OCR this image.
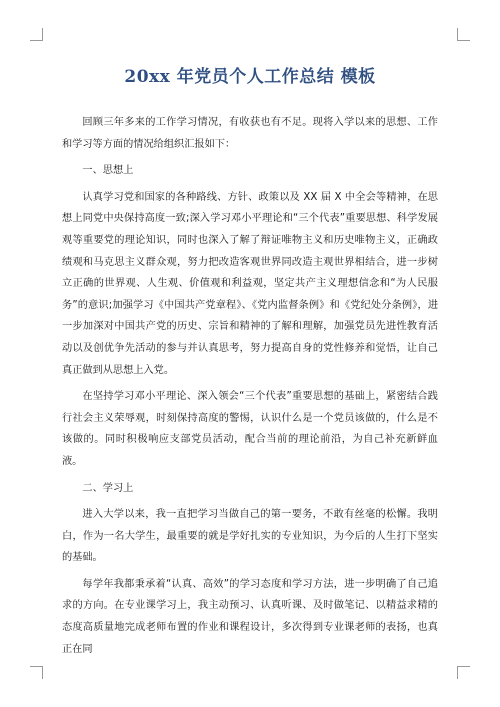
20xx 年党员个人工作总结 模板

回顾三年多来的工作学习情况，有收获也有不足。现将入学以来的思想、工作和学习等方面的情况给组织汇报如下：

一、思想上

认真学习党和国家的各种路线、方针、政策以及 XX 届 X 中全会等精神，在思想上同党中央保持高度一致;深入学习邓小平理论和“三个代表”重要思想、科学发展观等重要党的理论知识，同时也深入了解了辩证唯物主义和历史唯物主义，正确政绩观和马克思主义群众观，努力把改造客观世界同改造主观世界相结合，进一步树立正确的世界观、人生观、价值观和利益观，坚定共产主义理想信念和“为人民服务”的意识;加强学习《中国共产党章程》、《党内监督条例》和《党纪处分条例》，进一步加深对中国共产党的历史、宗旨和精神的了解和理解，加强党员先进性教育活动以及创优争先活动的参与并认真思考，努力提高自身的党性修养和觉悟，让自己真正做到从思想上入党。

在坚持学习邓小平理论、深入领会“三个代表”重要思想的基础上，紧密结合践行社会主义荣辱观，时刻保持高度的警惕，认识什么是一个党员该做的，什么是不该做的。同时积极响应支部党员活动，配合当前的理论前沿，为自己补充新鲜血液。

二、学习上

进入大学以来，我一直把学习当做自己的第一要务，不敢有丝毫的松懈。我明白，作为一名大学生，最重要的就是学好扎实的专业知识，为今后的人生打下坚实的基础。

每学年我都秉承着“认真、高效”的学习态度和学习方法，进一步明确了自己追求的方向。在专业课学习上，我主动预习、认真听课、及时做笔记、以精益求精的态度高质量地完成老师布置的作业和课程设计，多次得到专业课老师的表扬，也真正在同
